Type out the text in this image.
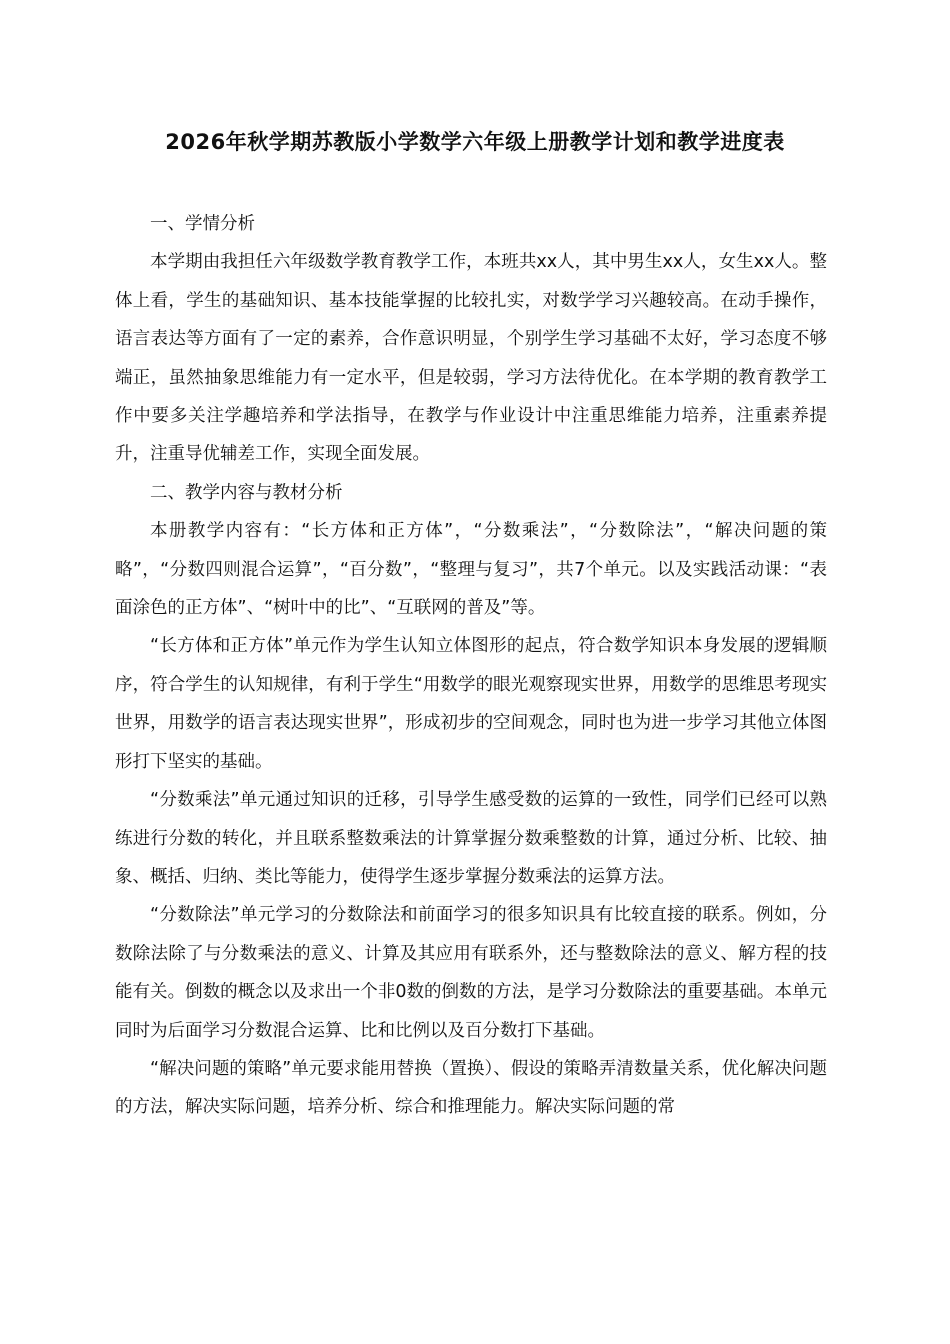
2026年秋学期苏教版小学数学六年级上册教学计划和教学进度表

一、学情分析

本学期由我担任六年级数学教育教学工作，本班共xx人，其中男生xx人，女生xx人。整体上看，学生的基础知识、基本技能掌握的比较扎实，对数学学习兴趣较高。在动手操作，语言表达等方面有了一定的素养，合作意识明显，个别学生学习基础不太好，学习态度不够端正，虽然抽象思维能力有一定水平，但是较弱，学习方法待优化。在本学期的教育教学工作中要多关注学趣培养和学法指导，在教学与作业设计中注重思维能力培养，注重素养提升，注重导优辅差工作，实现全面发展。

二、教学内容与教材分析

本册教学内容有：“长方体和正方体”，“分数乘法”，“分数除法”，“解决问题的策略”，“分数四则混合运算”，“百分数”，“整理与复习”，共7个单元。以及实践活动课：“表面涂色的正方体”、“树叶中的比”、“互联网的普及”等。

“长方体和正方体”单元作为学生认知立体图形的起点，符合数学知识本身发展的逻辑顺序，符合学生的认知规律，有利于学生“用数学的眼光观察现实世界，用数学的思维思考现实世界，用数学的语言表达现实世界”，形成初步的空间观念，同时也为进一步学习其他立体图形打下坚实的基础。

“分数乘法”单元通过知识的迁移，引导学生感受数的运算的一致性，同学们已经可以熟练进行分数的转化，并且联系整数乘法的计算掌握分数乘整数的计算，通过分析、比较、抽象、概括、归纳、类比等能力，使得学生逐步掌握分数乘法的运算方法。

“分数除法”单元学习的分数除法和前面学习的很多知识具有比较直接的联系。例如，分数除法除了与分数乘法的意义、计算及其应用有联系外，还与整数除法的意义、解方程的技能有关。倒数的概念以及求出一个非0数的倒数的方法，是学习分数除法的重要基础。本单元同时为后面学习分数混合运算、比和比例以及百分数打下基础。

“解决问题的策略”单元要求能用替换（置换）、假设的策略弄清数量关系，优化解决问题的方法，解决实际问题，培养分析、综合和推理能力。解决实际问题的常
